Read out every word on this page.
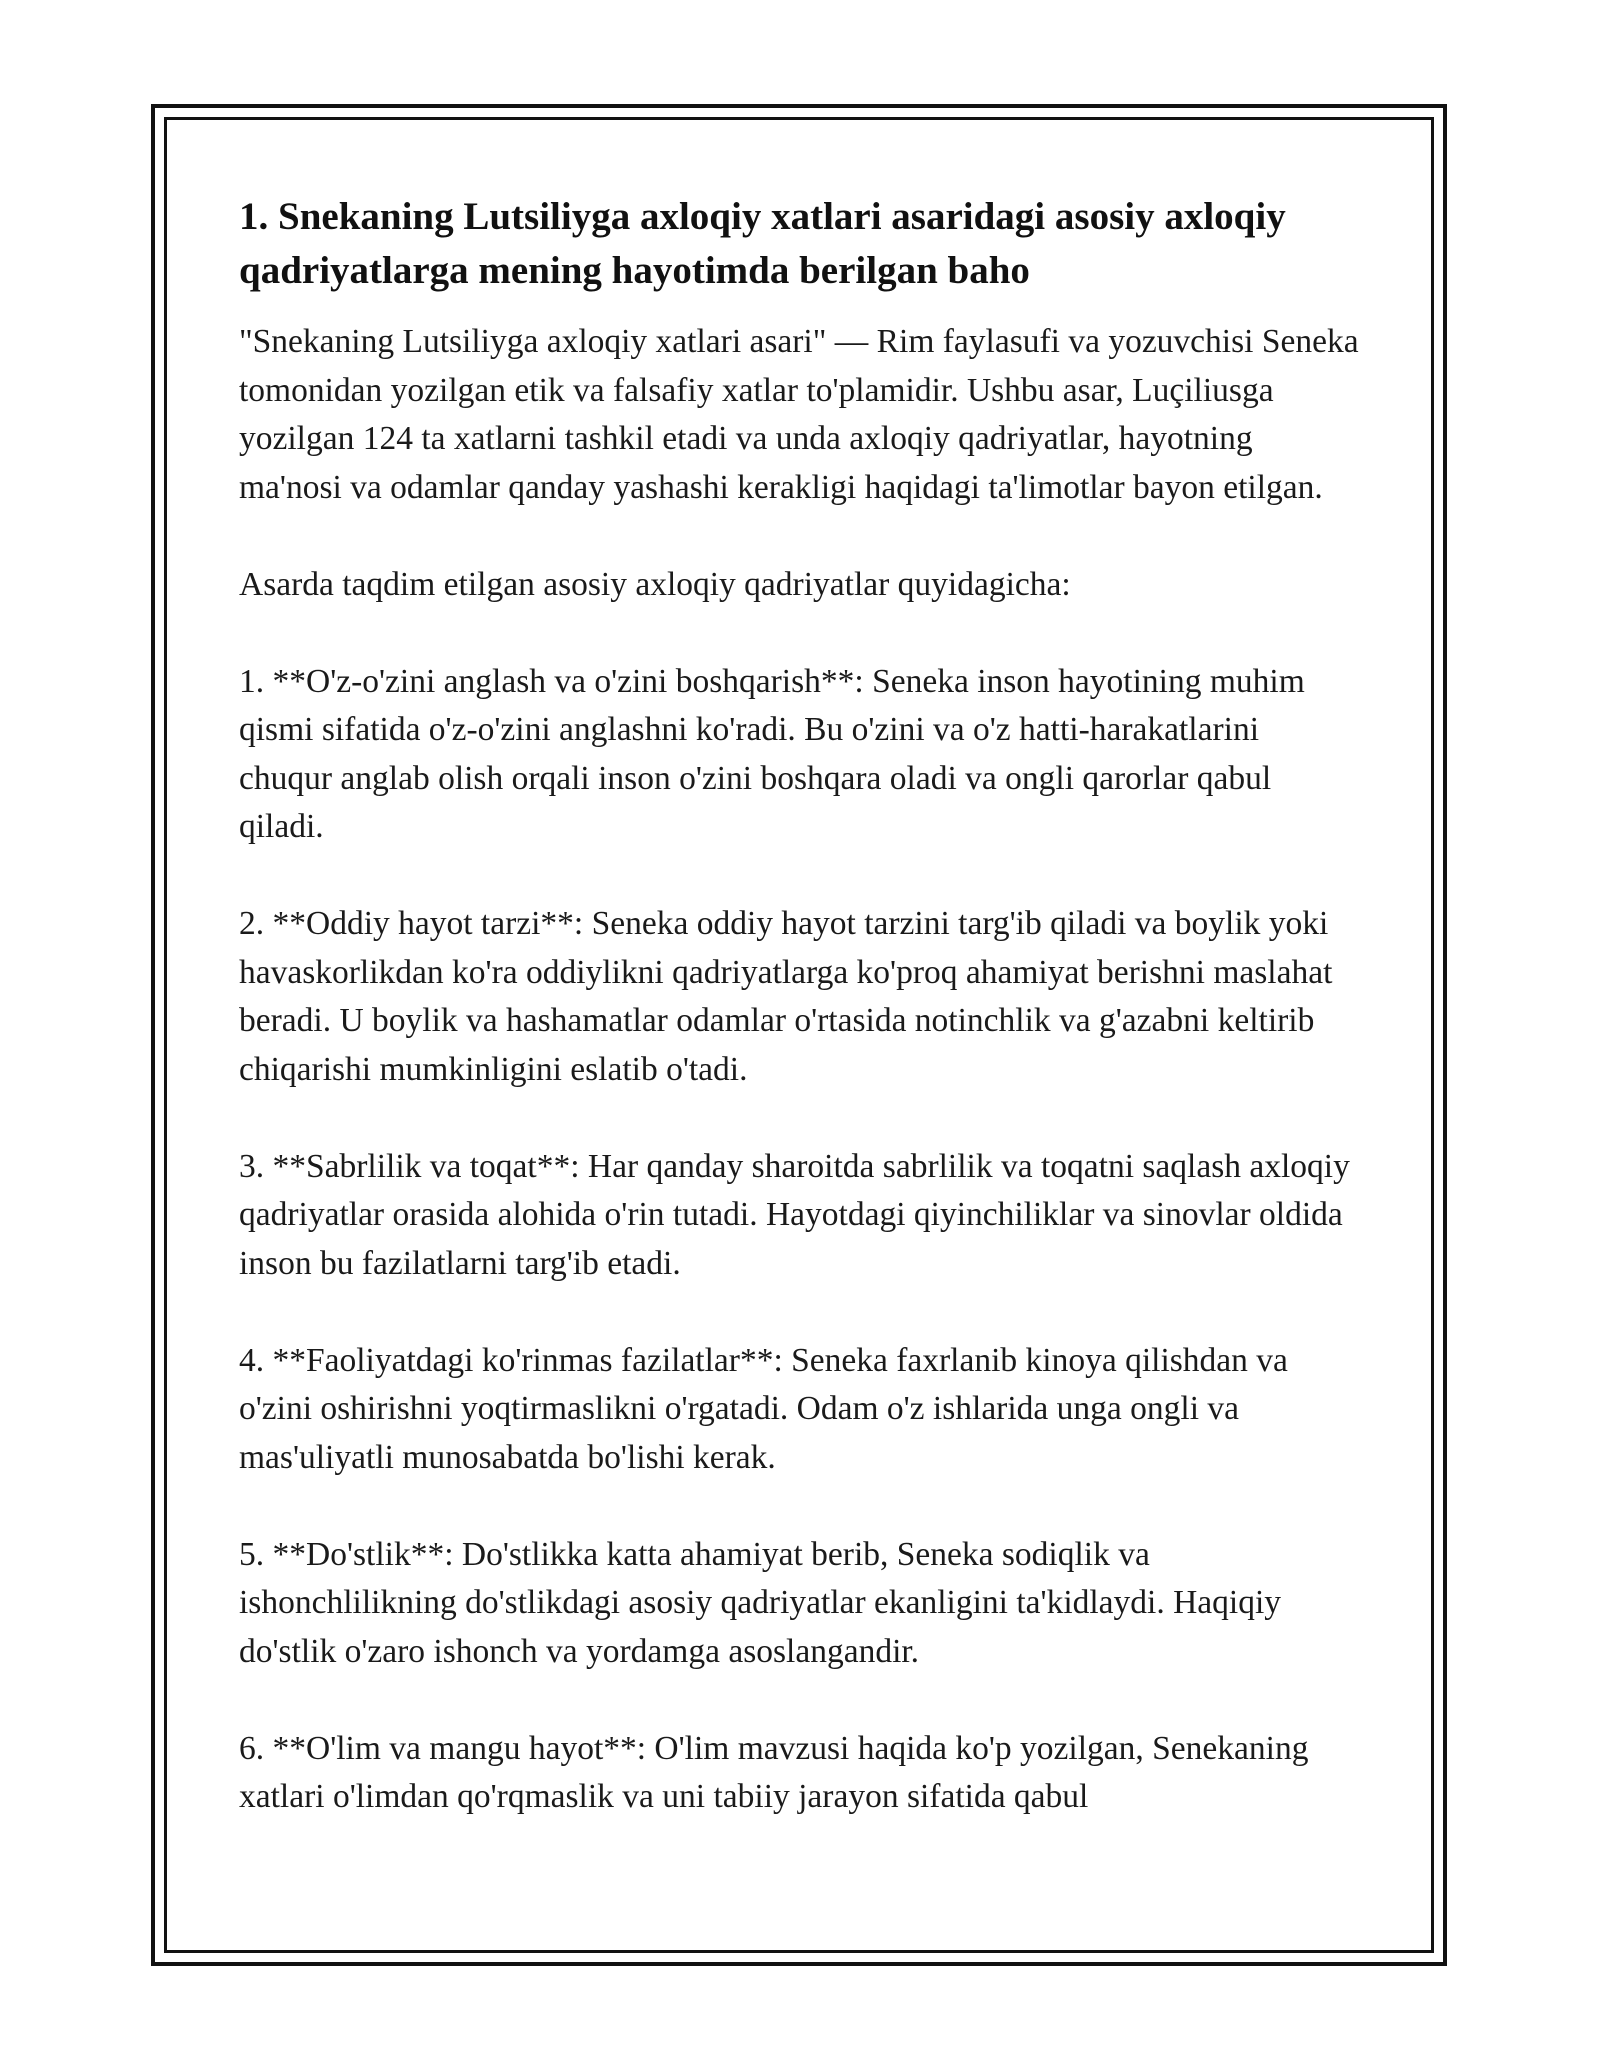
1. Snekaning Lutsiliyga axloqiy xatlari asaridagi asosiy axloqiy qadriyatlarga mening hayotimda berilgan baho

"Snekaning Lutsiliyga axloqiy xatlari asari" — Rim faylasufi va yozuvchisi Seneka tomonidan yozilgan etik va falsafiy xatlar to'plamidir. Ushbu asar, Luçiliusga yozilgan 124 ta xatlarni tashkil etadi va unda axloqiy qadriyatlar, hayotning ma'nosi va odamlar qanday yashashi kerakligi haqidagi ta'limotlar bayon etilgan.

Asarda taqdim etilgan asosiy axloqiy qadriyatlar quyidagicha:

1. **O'z-o'zini anglash va o'zini boshqarish**: Seneka inson hayotining muhim qismi sifatida o'z-o'zini anglashni ko'radi. Bu o'zini va o'z hatti-harakatlarini chuqur anglab olish orqali inson o'zini boshqara oladi va ongli qarorlar qabul qiladi.

2. **Oddiy hayot tarzi**: Seneka oddiy hayot tarzini targ'ib qiladi va boylik yoki havaskorlikdan ko'ra oddiylikni qadriyatlarga ko'proq ahamiyat berishni maslahat beradi. U boylik va hashamatlar odamlar o'rtasida notinchlik va g'azabni keltirib chiqarishi mumkinligini eslatib o'tadi.

3. **Sabrlilik va toqat**: Har qanday sharoitda sabrlilik va toqatni saqlash axloqiy qadriyatlar orasida alohida o'rin tutadi. Hayotdagi qiyinchiliklar va sinovlar oldida inson bu fazilatlarni targ'ib etadi.

4. **Faoliyatdagi ko'rinmas fazilatlar**: Seneka faxrlanib kinoya qilishdan va o'zini oshirishni yoqtirmaslikni o'rgatadi. Odam o'z ishlarida unga ongli va mas'uliyatli munosabatda bo'lishi kerak.

5. **Do'stlik**: Do'stlikka katta ahamiyat berib, Seneka sodiqlik va ishonchlilikning do'stlikdagi asosiy qadriyatlar ekanligini ta'kidlaydi. Haqiqiy do'stlik o'zaro ishonch va yordamga asoslangandir.

6. **O'lim va mangu hayot**: O'lim mavzusi haqida ko'p yozilgan, Senekaning xatlari o'limdan qo'rqmaslik va uni tabiiy jarayon sifatida qabul
